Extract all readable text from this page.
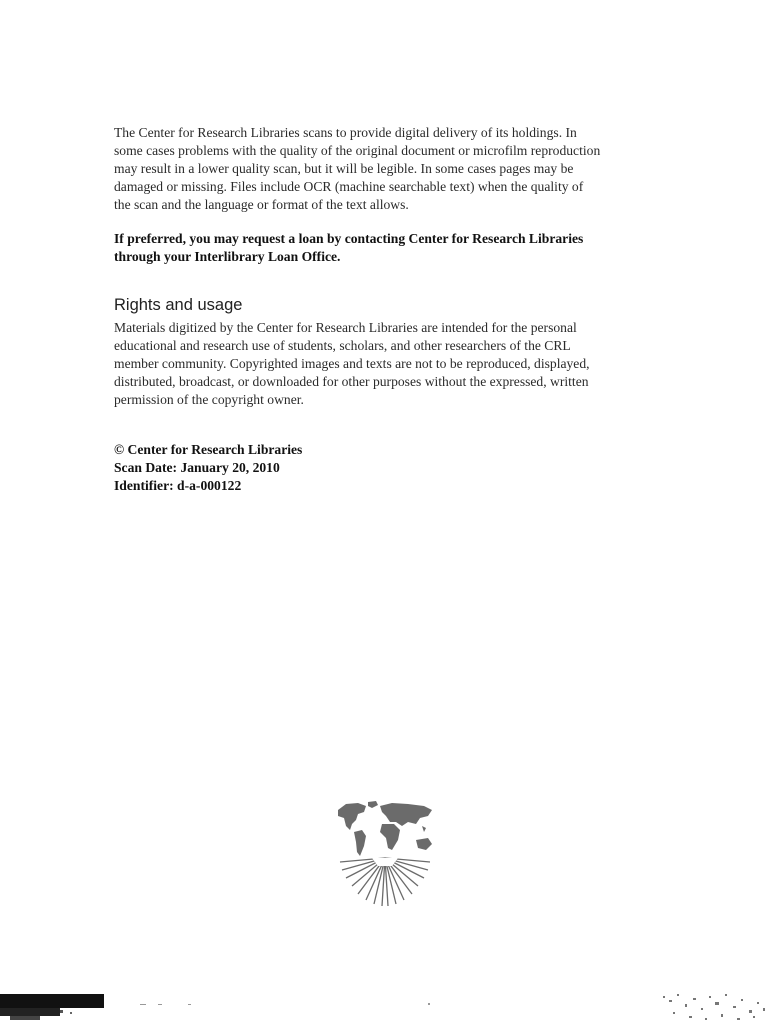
The Center for Research Libraries scans to provide digital delivery of its holdings. In
some cases problems with the quality of the original document or microfilm reproduction
may result in a lower quality scan, but it will be legible. In some cases pages may be
damaged or missing. Files include OCR (machine searchable text) when the quality of
the scan and the language or format of the text allows.

If preferred, you may request a loan by contacting Center for Research Libraries
through your Interlibrary Loan Office.

Rights and usage

Materials digitized by the Center for Research Libraries are intended for the personal
educational and research use of students, scholars, and other researchers of the CRL
member community. Copyrighted images and texts are not to be reproduced, displayed,
distributed, broadcast, or downloaded for other purposes without the expressed, written
permission of the copyright owner.

© Center for Research Libraries
Scan Date: January 20, 2010
Identifier: d-a-000122
